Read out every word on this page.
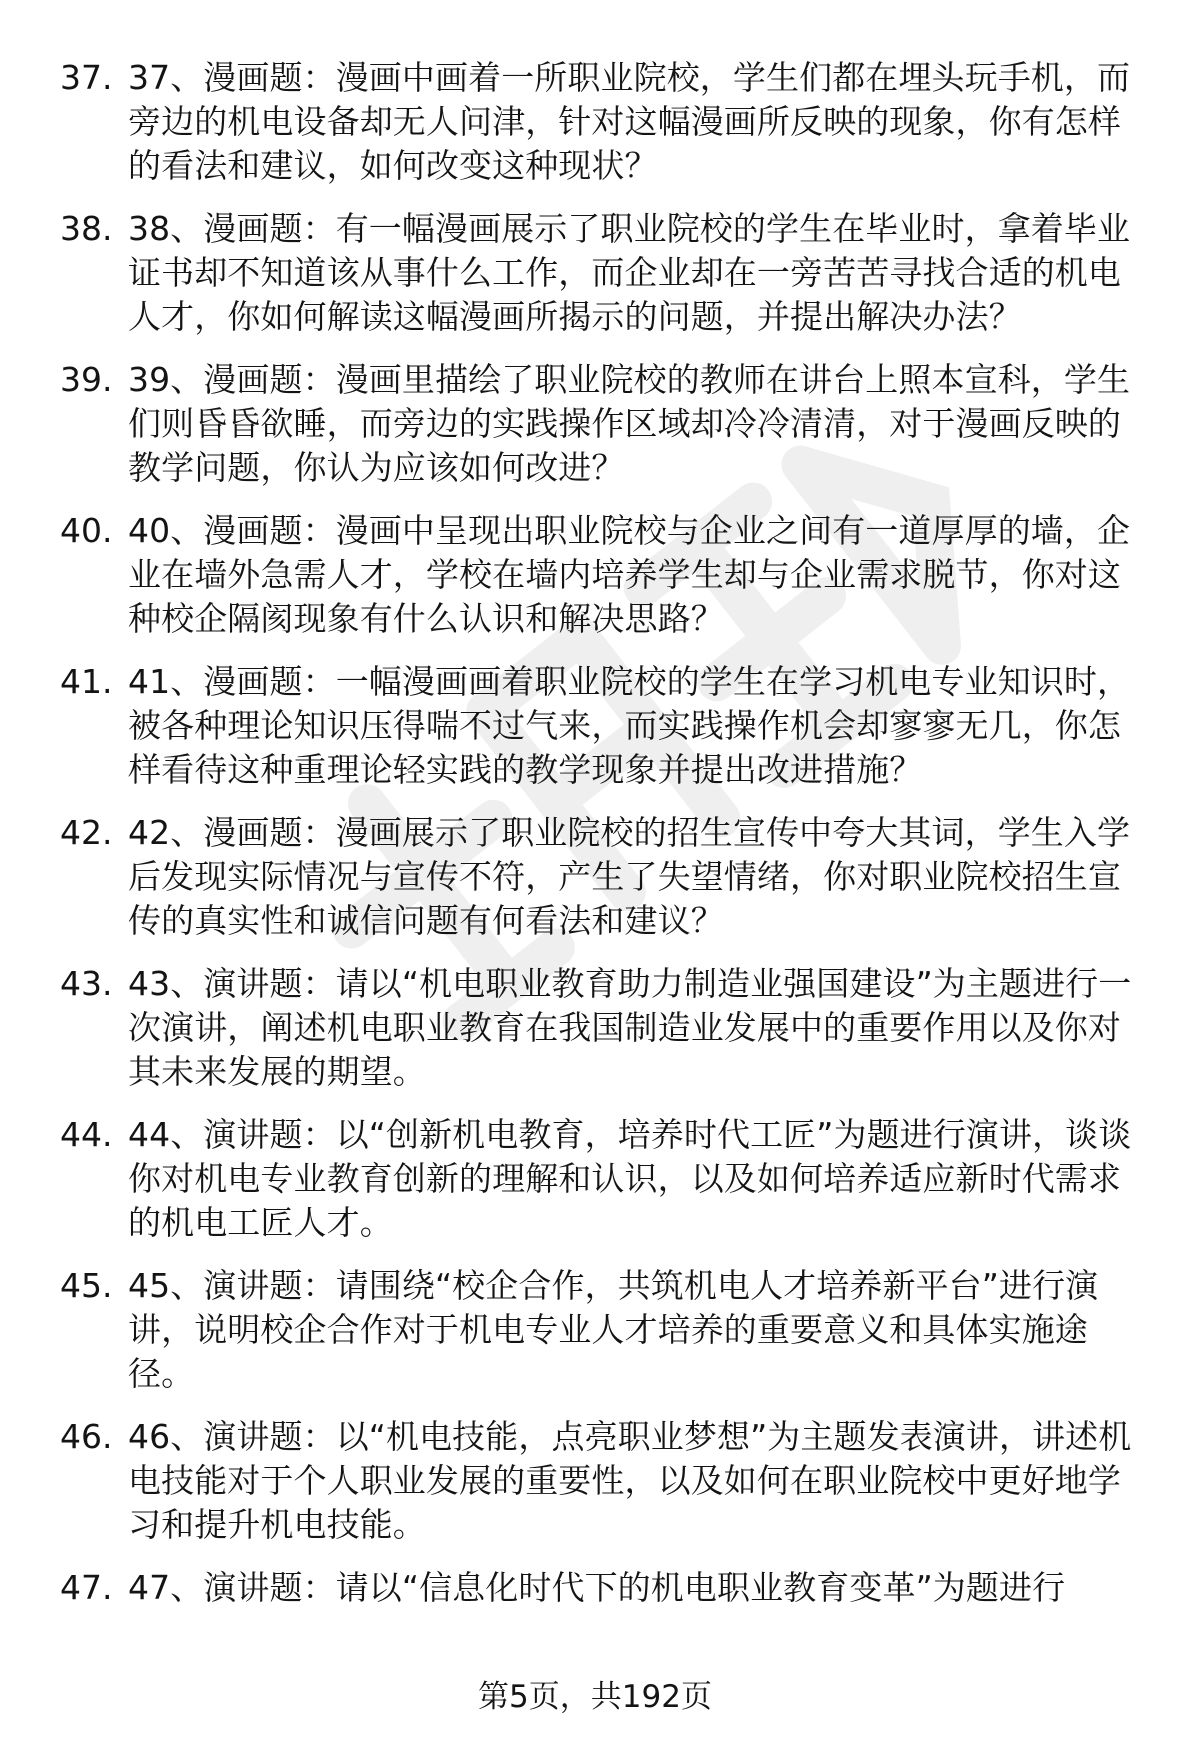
37. 37、漫画题：漫画中画着一所职业院校，学生们都在埋头玩手机，而旁边的机电设备却无人问津，针对这幅漫画所反映的现象，你有怎样的看法和建议，如何改变这种现状？
38. 38、漫画题：有一幅漫画展示了职业院校的学生在毕业时，拿着毕业证书却不知道该从事什么工作，而企业却在一旁苦苦寻找合适的机电人才，你如何解读这幅漫画所揭示的问题，并提出解决办法？
39. 39、漫画题：漫画里描绘了职业院校的教师在讲台上照本宣科，学生们则昏昏欲睡，而旁边的实践操作区域却冷冷清清，对于漫画反映的教学问题，你认为应该如何改进？
40. 40、漫画题：漫画中呈现出职业院校与企业之间有一道厚厚的墙，企业在墙外急需人才，学校在墙内培养学生却与企业需求脱节，你对这种校企隔阂现象有什么认识和解决思路？
41. 41、漫画题：一幅漫画画着职业院校的学生在学习机电专业知识时，被各种理论知识压得喘不过气来，而实践操作机会却寥寥无几，你怎样看待这种重理论轻实践的教学现象并提出改进措施？
42. 42、漫画题：漫画展示了职业院校的招生宣传中夸大其词，学生入学后发现实际情况与宣传不符，产生了失望情绪，你对职业院校招生宣传的真实性和诚信问题有何看法和建议？
43. 43、演讲题：请以“机电职业教育助力制造业强国建设”为主题进行一次演讲，阐述机电职业教育在我国制造业发展中的重要作用以及你对其未来发展的期望。
44. 44、演讲题：以“创新机电教育，培养时代工匠”为题进行演讲，谈谈你对机电专业教育创新的理解和认识，以及如何培养适应新时代需求的机电工匠人才。
45. 45、演讲题：请围绕“校企合作，共筑机电人才培养新平台”进行演讲，说明校企合作对于机电专业人才培养的重要意义和具体实施途径。
46. 46、演讲题：以“机电技能，点亮职业梦想”为主题发表演讲，讲述机电技能对于个人职业发展的重要性，以及如何在职业院校中更好地学习和提升机电技能。
47. 47、演讲题：请以“信息化时代下的机电职业教育变革”为题进行
第5页，共192页
